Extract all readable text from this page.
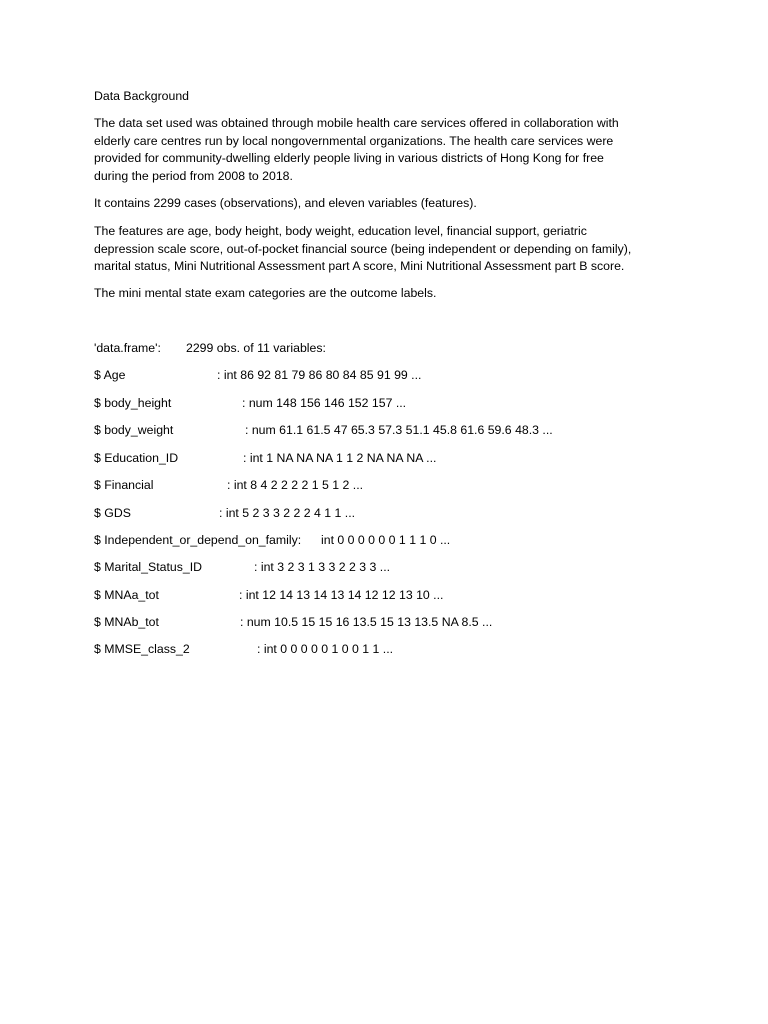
Data Background

The data set used was obtained through mobile health care services offered in collaboration with
elderly care centres run by local nongovernmental organizations. The health care services were
provided for community-dwelling elderly people living in various districts of Hong Kong for free
during the period from 2008 to 2018.

It contains 2299 cases (observations), and eleven variables (features).

The features are age, body height, body weight, education level, financial support, geriatric
depression scale score, out-of-pocket financial source (being independent or depending on family),
marital status, Mini Nutritional Assessment part A score, Mini Nutritional Assessment part B score.

The mini mental state exam categories are the outcome labels.

'data.frame': 2299 obs. of 11 variables:
$ Age	: int 86 92 81 79 86 80 84 85 91 99 ...
$ body_height	: num 148 156 146 152 157 ...
$ body_weight	: num 61.1 61.5 47 65.3 57.3 51.1 45.8 61.6 59.6 48.3 ...
$ Education_ID	: int 1 NA NA NA 1 1 2 NA NA NA ...
$ Financial	: int 8 4 2 2 2 2 1 5 1 2 ...
$ GDS	: int 5 2 3 3 2 2 2 4 1 1 ...
$ Independent_or_depend_on_family: int 0 0 0 0 0 0 1 1 1 0 ...
$ Marital_Status_ID	: int 3 2 3 1 3 3 2 2 3 3 ...
$ MNAa_tot	: int 12 14 13 14 13 14 12 12 13 10 ...
$ MNAb_tot	: num 10.5 15 15 16 13.5 15 13 13.5 NA 8.5 ...
$ MMSE_class_2	: int 0 0 0 0 0 1 0 0 1 1 ...
